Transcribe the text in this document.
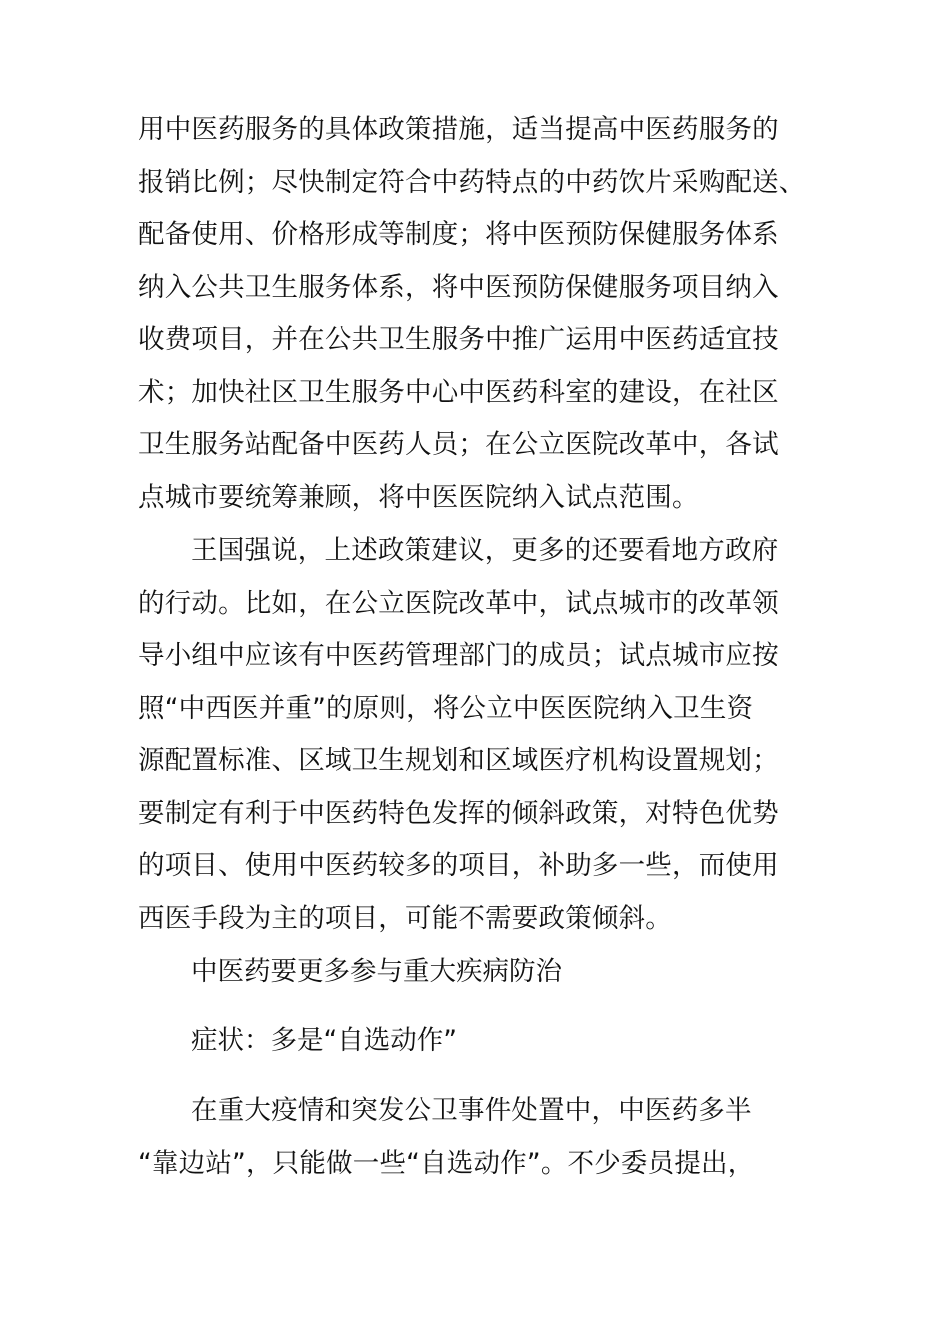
用中医药服务的具体政策措施，适当提高中医药服务的
报销比例；尽快制定符合中药特点的中药饮片采购配送、
配备使用、价格形成等制度；将中医预防保健服务体系
纳入公共卫生服务体系，将中医预防保健服务项目纳入
收费项目，并在公共卫生服务中推广运用中医药适宜技
术；加快社区卫生服务中心中医药科室的建设，在社区
卫生服务站配备中医药人员；在公立医院改革中，各试
点城市要统筹兼顾，将中医医院纳入试点范围。
王国强说，上述政策建议，更多的还要看地方政府
的行动。比如，在公立医院改革中，试点城市的改革领
导小组中应该有中医药管理部门的成员；试点城市应按
照“中西医并重”的原则，将公立中医医院纳入卫生资
源配置标准、区域卫生规划和区域医疗机构设置规划；
要制定有利于中医药特色发挥的倾斜政策，对特色优势
的项目、使用中医药较多的项目，补助多一些，而使用
西医手段为主的项目，可能不需要政策倾斜。
中医药要更多参与重大疾病防治
症状：多是“自选动作”
在重大疫情和突发公卫事件处置中，中医药多半
“靠边站”，只能做一些“自选动作”。不少委员提出，
